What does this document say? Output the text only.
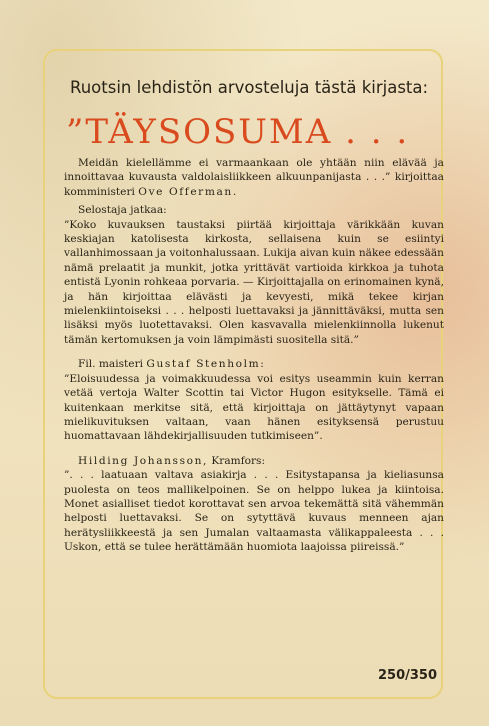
Ruotsin lehdistön arvosteluja tästä kirjasta:
”TÄYSOSUMA . . .

Meidän kielellämme ei varmaankaan ole yhtään niin elävää ja innoittavaa kuvausta valdolaisliikkeen alkuunpanijasta . . .” kirjoittaa komministeri Ove Offerman.

Selostaja jatkaa:

”Koko kuvauksen taustaksi piirtää kirjoittaja värikkään kuvan keskiajan katolisesta kirkosta, sellaisena kuin se esiintyi vallanhimossaan ja voitonhalussaan. Lukija aivan kuin näkee edessään nämä prelaatit ja munkit, jotka yrittävät vartioida kirkkoa ja tuhota entistä Lyonin rohkeaa porvaria. — Kirjoittajalla on erinomainen kynä, ja hän kirjoittaa elävästi ja kevyesti, mikä tekee kirjan mielenkiintoiseksi . . . helposti luettavaksi ja jännittäväksi, mutta sen lisäksi myös luotettavaksi. Olen kasvavalla mielenkiinnolla lukenut tämän kertomuksen ja voin lämpimästi suositella sitä.”

Fil. maisteri Gustaf Stenholm:

”Eloisuudessa ja voimakkuudessa voi esitys useammin kuin kerran vetää vertoja Walter Scottin tai Victor Hugon esitykselle. Tämä ei kuitenkaan merkitse sitä, että kirjoittaja on jättäytynyt vapaan mielikuvituksen valtaan, vaan hänen esityksensä perustuu huomattavaan lähdekirjallisuuden tutkimiseen”.

Hilding Johansson, Kramfors:

”. . . laatuaan valtava asiakirja . . . Esitystapansa ja kieliasunsa puolesta on teos mallikelpoinen. Se on helppo lukea ja kiintoisa. Monet asialliset tiedot korottavat sen arvoa tekemättä sitä vähemmän helposti luettavaksi. Se on sytyttävä kuvaus menneen ajan herätysliikkeestä ja sen Jumalan valtaamasta välikappaleesta . . . Uskon, että se tulee herättämään huomiota laajoissa piireissä.”

250/350
